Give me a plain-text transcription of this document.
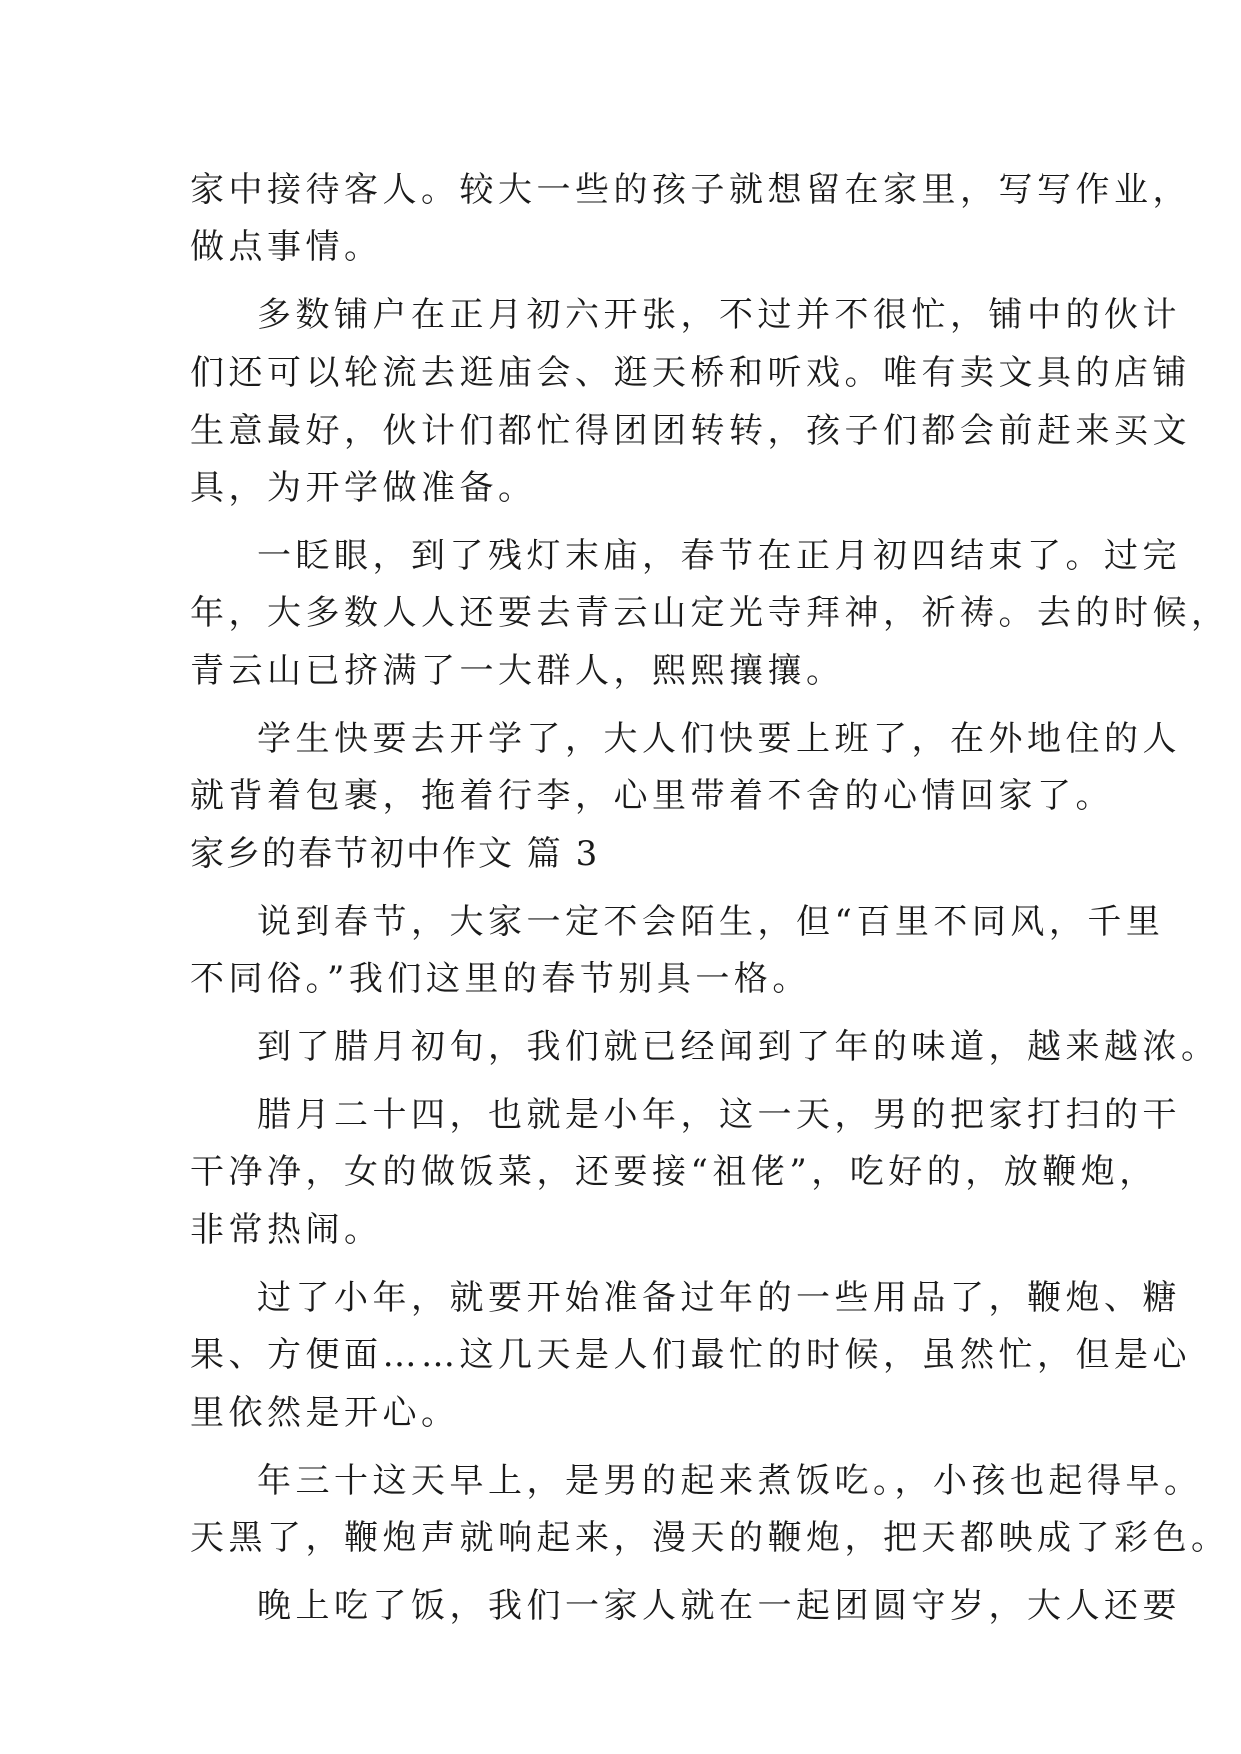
家中接待客人。较大一些的孩子就想留在家里，写写作业，
做点事情。
多数铺户在正月初六开张，不过并不很忙，铺中的伙计
们还可以轮流去逛庙会、逛天桥和听戏。唯有卖文具的店铺
生意最好，伙计们都忙得团团转转，孩子们都会前赶来买文
具，为开学做准备。
一眨眼，到了残灯末庙，春节在正月初四结束了。过完
年，大多数人人还要去青云山定光寺拜神，祈祷。去的时候，
青云山已挤满了一大群人，熙熙攘攘。
学生快要去开学了，大人们快要上班了，在外地住的人
就背着包裹，拖着行李，心里带着不舍的心情回家了。
家乡的春节初中作文 篇 3
说到春节，大家一定不会陌生，但“百里不同风，千里
不同俗。”我们这里的春节别具一格。
到了腊月初旬，我们就已经闻到了年的味道，越来越浓。
腊月二十四，也就是小年，这一天，男的把家打扫的干
干净净，女的做饭菜，还要接“祖佬”，吃好的，放鞭炮，
非常热闹。
过了小年，就要开始准备过年的一些用品了，鞭炮、糖
果、方便面……这几天是人们最忙的时候，虽然忙，但是心
里依然是开心。
年三十这天早上，是男的起来煮饭吃。，小孩也起得早。
天黑了，鞭炮声就响起来，漫天的鞭炮，把天都映成了彩色。
晚上吃了饭，我们一家人就在一起团圆守岁，大人还要
